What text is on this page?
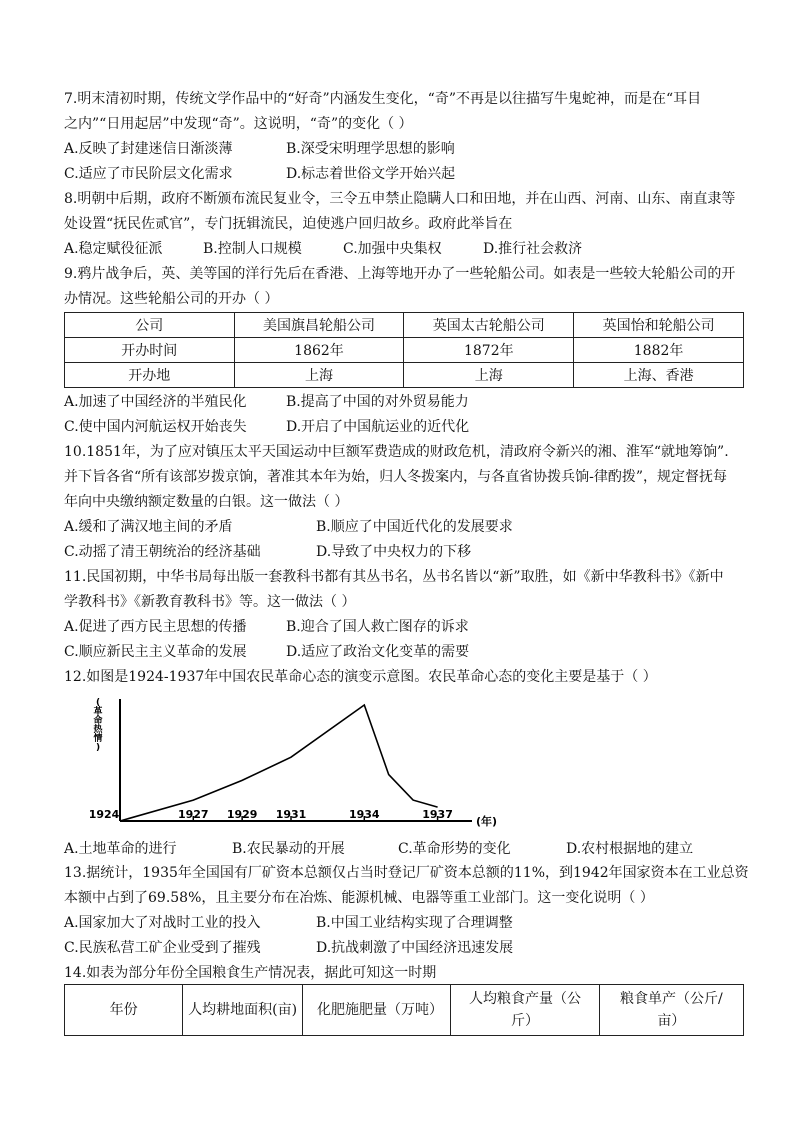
7.明末清初时期，传统文学作品中的“好奇”内涵发生变化，“奇”不再是以往描写牛鬼蛇神，而是在“耳目
之内”“日用起居”中发现“奇”。这说明，“奇”的变化（ ）
A.反映了封建迷信日渐淡薄	B.深受宋明理学思想的影响
C.适应了市民阶层文化需求	D.标志着世俗文学开始兴起
8.明朝中后期，政府不断颁布流民复业令，三令五申禁止隐瞒人口和田地，并在山西、河南、山东、南直隶等
处设置“抚民佐贰官”，专门抚辑流民，迫使逃户回归故乡。政府此举旨在
A.稳定赋役征派	B.控制人口规模	C.加强中央集权	D.推行社会救济
9.鸦片战争后，英、美等国的洋行先后在香港、上海等地开办了一些轮船公司。如表是一些较大轮船公司的开
办情况。这些轮船公司的开办（ ）
公司	美国旗昌轮船公司	英国太古轮船公司	英国怡和轮船公司
开办时间	1862年	1872年	1882年
开办地	上海	上海	上海、香港
A.加速了中国经济的半殖民化	B.提高了中国的对外贸易能力
C.使中国内河航运权开始丧失	D.开启了中国航运业的近代化
10.1851年，为了应对镇压太平天国运动中巨额军费造成的财政危机，清政府令新兴的湘、淮军“就地筹饷”.
并下旨各省“所有该部岁拨京饷，著准其本年为始，归人冬拨案内，与各直省协拨兵饷-律酌拨”，规定督抚每
年向中央缴纳额定数量的白银。这一做法（ ）
A.缓和了满汉地主间的矛盾	B.顺应了中国近代化的发展要求
C.动摇了清王朝统治的经济基础	D.导致了中央权力的下移
11.民国初期，中华书局每出版一套教科书都有其丛书名，丛书名皆以“新”取胜，如《新中华教科书》《新中
学教科书》《新教育教科书》等。这一做法（ ）
A.促进了西方民主思想的传播	B.迎合了国人救亡图存的诉求
C.顺应新民主主义革命的发展	D.适应了政治文化变革的需要
12.如图是1924-1937年中国农民革命心态的演变示意图。农民革命心态的变化主要是基于（ ）
(革命热情)
1924	1927 1929 1931	1934	1937
(年)
A.土地革命的进行	B.农民暴动的开展	C.革命形势的变化	D.农村根据地的建立
13.据统计，1935年全国国有厂矿资本总额仅占当时登记厂矿资本总额的11%，到1942年国家资本在工业总资
本额中占到了69.58%，且主要分布在冶炼、能源机械、电器等重工业部门。这一变化说明（ ）
A.国家加大了对战时工业的投入	B.中国工业结构实现了合理调整
C.民族私营工矿企业受到了摧残	D.抗战刺激了中国经济迅速发展
14.如表为部分年份全国粮食生产情况表，据此可知这一时期
年份	人均耕地面积(亩)	化肥施肥量（万吨）	人均粮食产量（公斤）	粮食单产（公斤/亩）
